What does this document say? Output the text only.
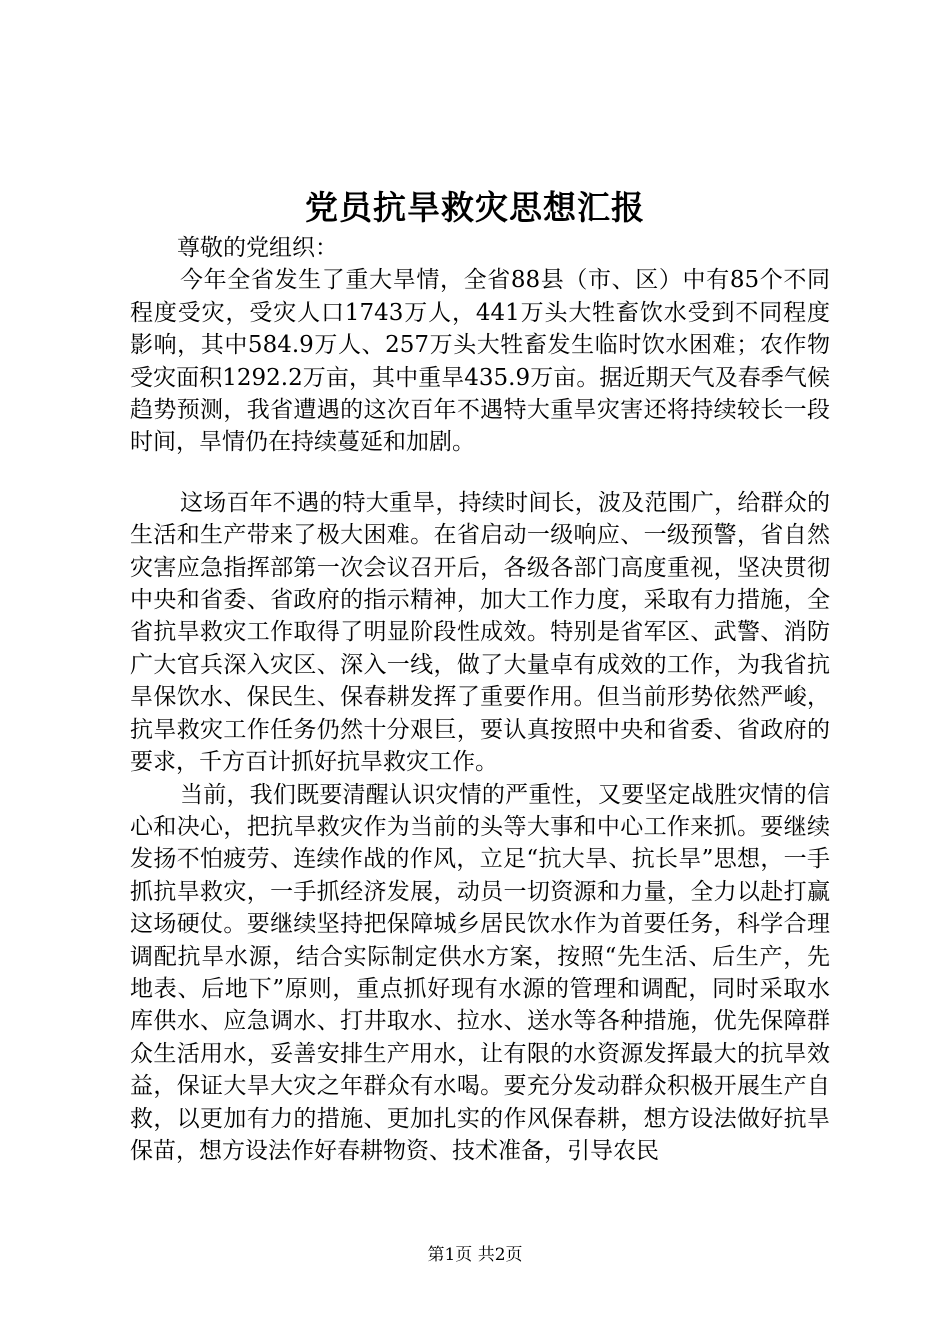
党员抗旱救灾思想汇报

尊敬的党组织：

今年全省发生了重大旱情，全省88县（市、区）中有85个不同程度受灾，受灾人口1743万人，441万头大牲畜饮水受到不同程度影响，其中584.9万人、257万头大牲畜发生临时饮水困难；农作物受灾面积1292.2万亩，其中重旱435.9万亩。据近期天气及春季气候趋势预测，我省遭遇的这次百年不遇特大重旱灾害还将持续较长一段时间，旱情仍在持续蔓延和加剧。

这场百年不遇的特大重旱，持续时间长，波及范围广，给群众的生活和生产带来了极大困难。在省启动一级响应、一级预警，省自然灾害应急指挥部第一次会议召开后，各级各部门高度重视，坚决贯彻中央和省委、省政府的指示精神，加大工作力度，采取有力措施，全省抗旱救灾工作取得了明显阶段性成效。特别是省军区、武警、消防广大官兵深入灾区、深入一线，做了大量卓有成效的工作，为我省抗旱保饮水、保民生、保春耕发挥了重要作用。但当前形势依然严峻，抗旱救灾工作任务仍然十分艰巨，要认真按照中央和省委、省政府的要求，千方百计抓好抗旱救灾工作。

当前，我们既要清醒认识灾情的严重性，又要坚定战胜灾情的信心和决心，把抗旱救灾作为当前的头等大事和中心工作来抓。要继续发扬不怕疲劳、连续作战的作风，立足“抗大旱、抗长旱”思想，一手抓抗旱救灾，一手抓经济发展，动员一切资源和力量，全力以赴打赢这场硬仗。要继续坚持把保障城乡居民饮水作为首要任务，科学合理调配抗旱水源，结合实际制定供水方案，按照“先生活、后生产，先地表、后地下”原则，重点抓好现有水源的管理和调配，同时采取水库供水、应急调水、打井取水、拉水、送水等各种措施，优先保障群众生活用水，妥善安排生产用水，让有限的水资源发挥最大的抗旱效益，保证大旱大灾之年群众有水喝。要充分发动群众积极开展生产自救，以更加有力的措施、更加扎实的作风保春耕，想方设法做好抗旱保苗，想方设法作好春耕物资、技术准备，引导农民

第1页 共2页
